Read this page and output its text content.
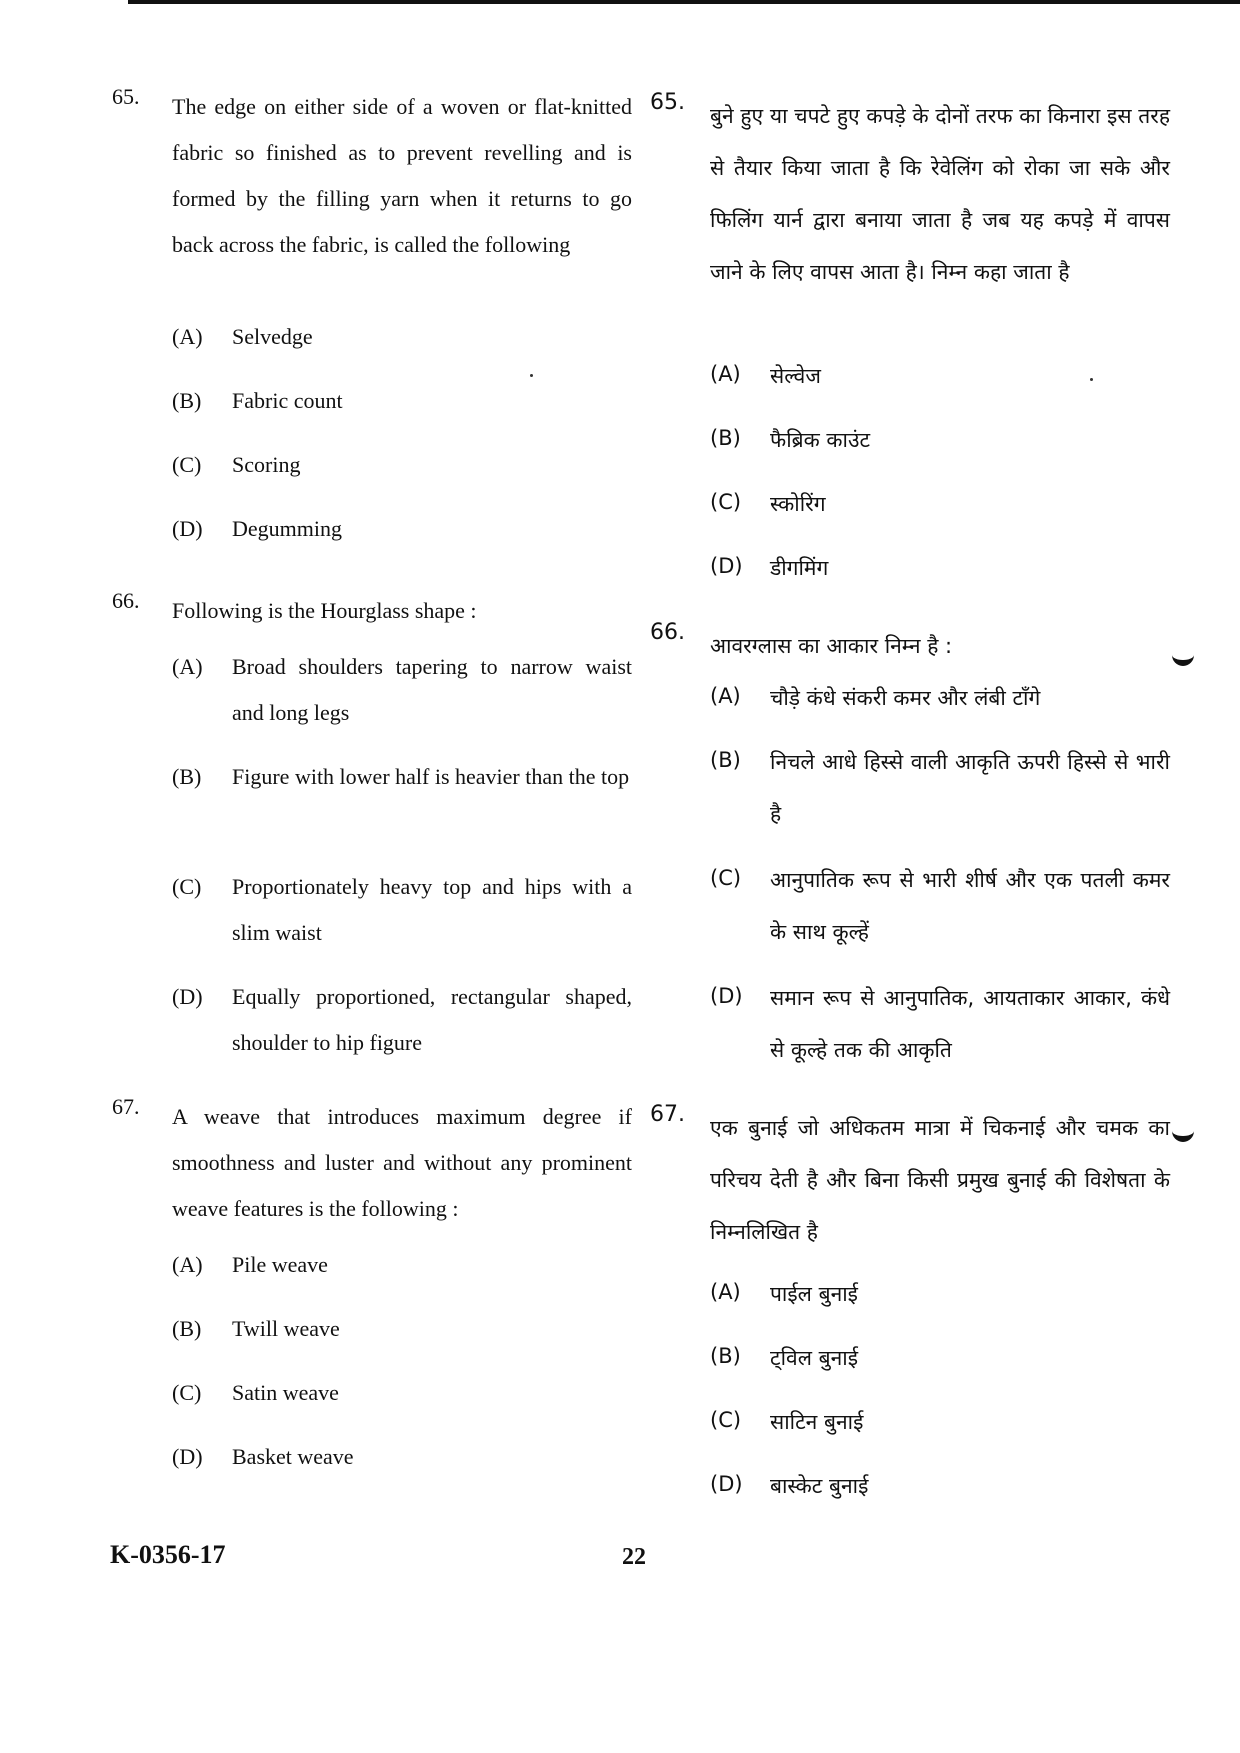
65. The edge on either side of a woven or flat-knitted fabric so finished as to prevent revelling and is formed by the filling yarn when it returns to go back across the fabric, is called the following
(A) Selvedge
(B) Fabric count
(C) Scoring
(D) Degumming
66. Following is the Hourglass shape :
(A) Broad shoulders tapering to narrow waist and long legs
(B) Figure with lower half is heavier than the top
(C) Proportionately heavy top and hips with a slim waist
(D) Equally proportioned, rectangular shaped, shoulder to hip figure
67. A weave that introduces maximum degree if smoothness and luster and without any prominent weave features is the following :
(A) Pile weave
(B) Twill weave
(C) Satin weave
(D) Basket weave
65.
बुने हुए या चपटे हुए कपड़े के दोनों तरफ का किनारा इस तरह से तैयार किया जाता है कि रेवेलिंग को रोका जा सके और फिलिंग यार्न द्वारा बनाया जाता है जब यह कपड़े में वापस जाने के लिए वापस आता है। निम्न कहा जाता है
(A) सेल्वेज
(B) फैब्रिक काउंट
(C) स्कोरिंग
(D) डीगमिंग
66.
आवरग्लास का आकार निम्न है :
(A) चौड़े कंधे संकरी कमर और लंबी टाँगे
(B) निचले आधे हिस्से वाली आकृति ऊपरी हिस्से से भारी है
(C) आनुपातिक रूप से भारी शीर्ष और एक पतली कमर के साथ कूल्हें
(D) समान रूप से आनुपातिक, आयताकार आकार, कंधे से कूल्हे तक की आकृति
67.
एक बुनाई जो अधिकतम मात्रा में चिकनाई और चमक का परिचय देती है और बिना किसी प्रमुख बुनाई की विशेषता के निम्नलिखित है
(A) पाईल बुनाई
(B) ट्विल बुनाई
(C) साटिन बुनाई
(D) बास्केट बुनाई
K-0356-17	22
